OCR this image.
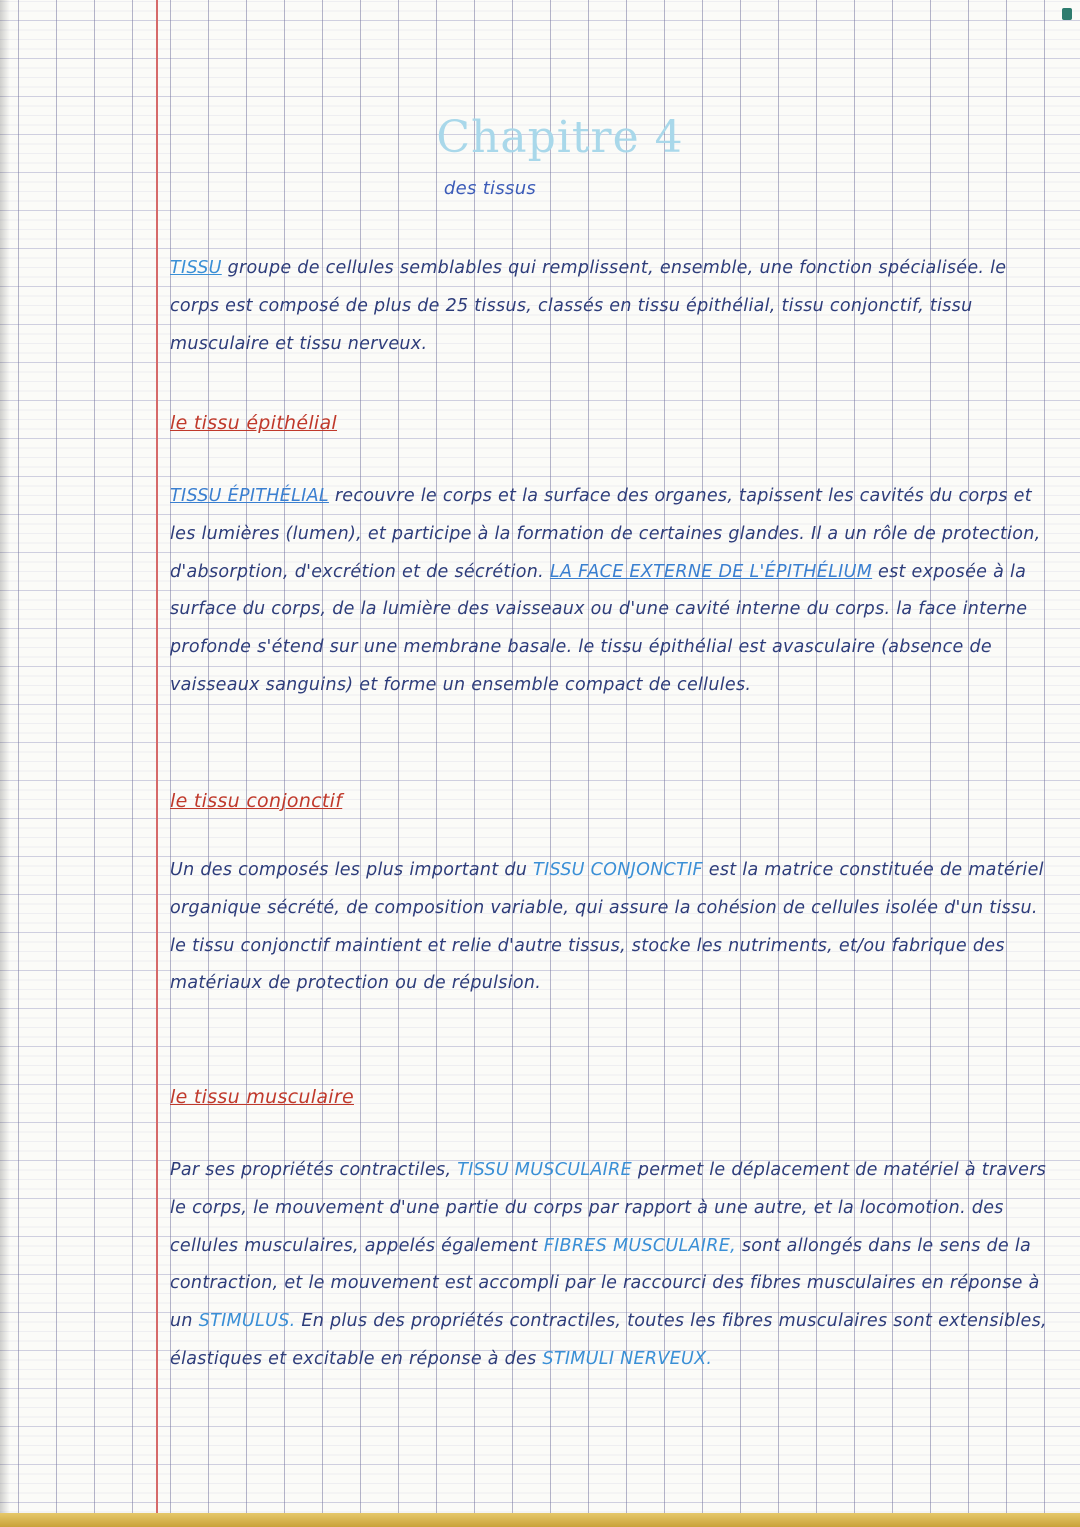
Chapitre 4
des tissus
TISSU groupe de cellules semblables qui remplissent, ensemble, une fonction spécialisée. le corps est composé de plus de 25 tissus, classés en tissu épithélial, tissu conjonctif, tissu musculaire et tissu nerveux.
le tissu épithélial
TISSU ÉPITHÉLIAL recouvre le corps et la surface des organes, tapissent les cavités du corps et les lumières (lumen), et participe à la formation de certaines glandes. Il a un rôle de protection, d'absorption, d'excrétion et de sécrétion. LA FACE EXTERNE DE L'ÉPITHÉLIUM est exposée à la surface du corps, de la lumière des vaisseaux ou d'une cavité interne du corps. la face interne profonde s'étend sur une membrane basale. le tissu épithélial est avasculaire (absence de vaisseaux sanguins) et forme un ensemble compact de cellules.
le tissu conjonctif
Un des composés les plus important du TISSU CONJONCTIF est la matrice constituée de matériel organique sécrété, de composition variable, qui assure la cohésion de cellules isolée d'un tissu. le tissu conjonctif maintient et relie d'autre tissus, stocke les nutriments, et/ou fabrique des matériaux de protection ou de répulsion.
le tissu musculaire
Par ses propriétés contractiles, TISSU MUSCULAIRE permet le déplacement de matériel à travers le corps, le mouvement d'une partie du corps par rapport à une autre, et la locomotion. des cellules musculaires, appelés également FIBRES MUSCULAIRE, sont allongés dans le sens de la contraction, et le mouvement est accompli par le raccourci des fibres musculaires en réponse à un STIMULUS. En plus des propriétés contractiles, toutes les fibres musculaires sont extensibles, élastiques et excitable en réponse à des STIMULI NERVEUX.
